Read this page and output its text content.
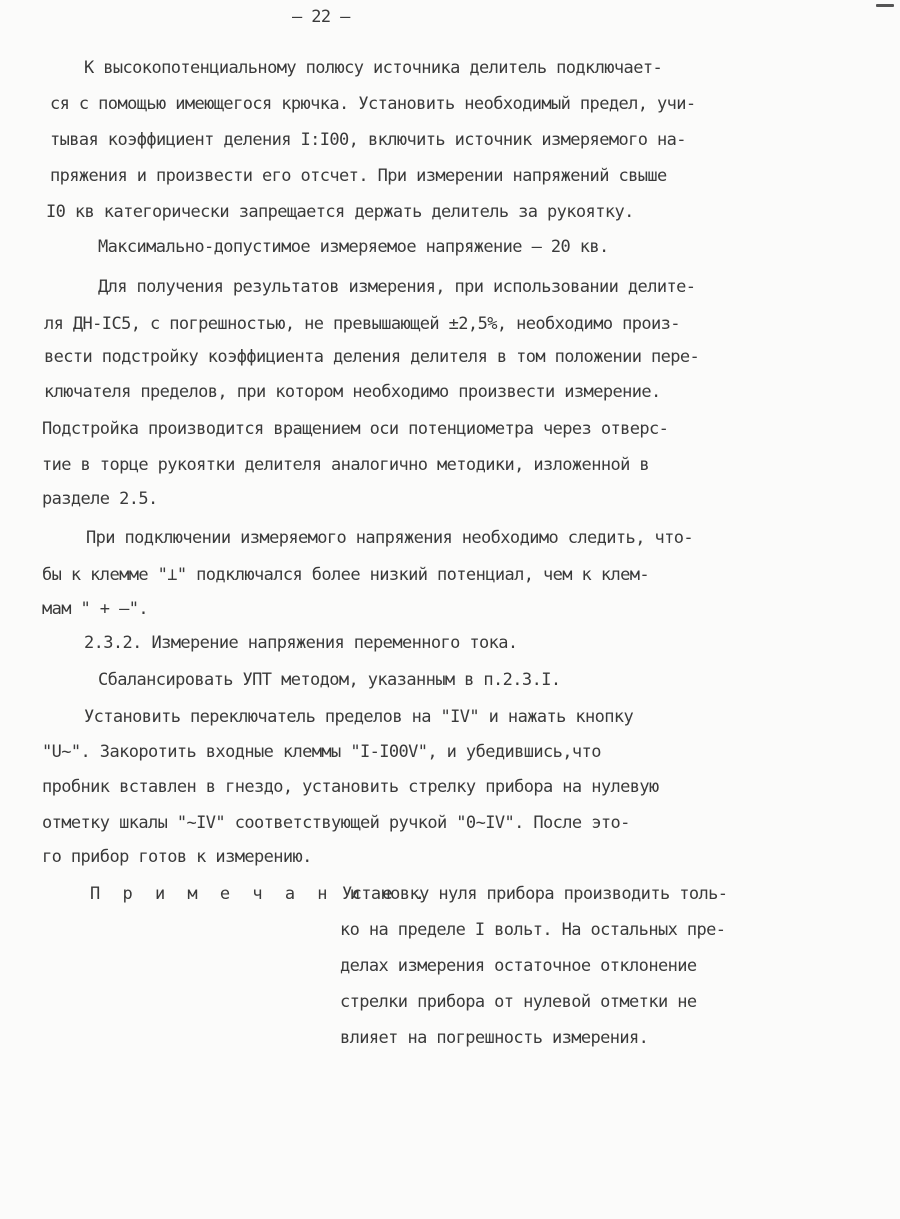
– 22 –
К высокопотенциальному полюсу источника делитель подключает-
ся с помощью имеющегося крючка. Установить необходимый предел, учи-
тывая коэффициент деления I:I00, включить источник измеряемого на-
пряжения и произвести его отсчет. При измерении напряжений свыше
I0 кв категорически запрещается держать делитель за рукоятку.
Максимально-допустимое измеряемое напряжение – 20 кв.
Для получения результатов измерения, при использовании делите-
ля ДН-IС5, с погрешностью, не превышающей ±2,5%, необходимо произ-
вести подстройку коэффициента деления делителя в том положении пере-
ключателя пределов, при котором необходимо произвести измерение.
Подстройка производится вращением оси потенциометра через отверс-
тие в торце рукоятки делителя аналогично методики, изложенной в
разделе 2.5.
При подключении измеряемого напряжения необходимо следить, что-
бы к клемме "⊥" подключался более низкий потенциал, чем к клем-
мам " + –".
2.3.2. Измерение напряжения переменного тока.
Сбалансировать УПТ методом, указанным в п.2.3.I.
Установить переключатель пределов на "IV" и нажать кнопку
"U~". Закоротить входные клеммы "I-I00V", и убедившись,что
пробник вставлен в гнездо, установить стрелку прибора на нулевую
отметку шкалы "~IV" соответствующей ручкой "0~IV". После это-
го прибор готов к измерению.
П р и м е ч а н и е .
Установку нуля прибора производить толь-
ко на пределе I вольт. На остальных пре-
делах измерения остаточное отклонение
стрелки прибора от нулевой отметки не
влияет на погрешность измерения.
